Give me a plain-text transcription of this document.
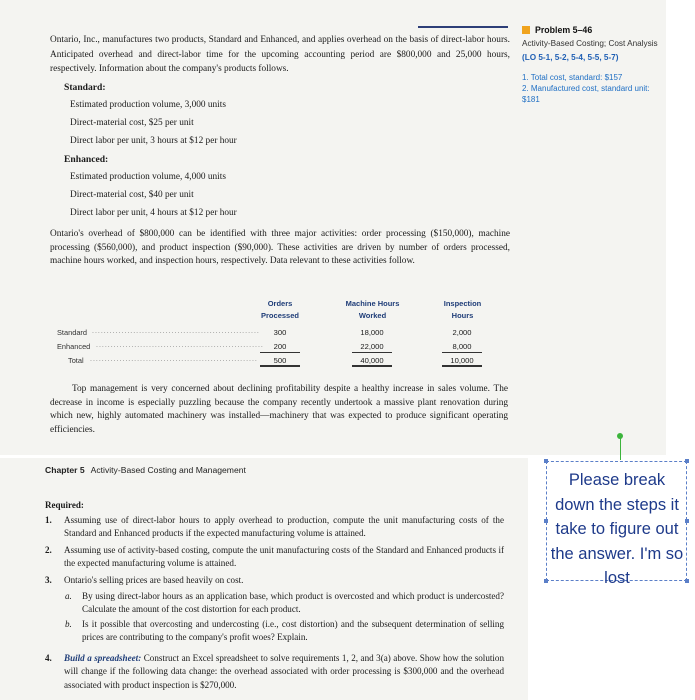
Ontario, Inc., manufactures two products, Standard and Enhanced, and applies overhead on the basis of direct-labor hours. Anticipated overhead and direct-labor time for the upcoming accounting period are $800,000 and 25,000 hours, respectively. Information about the company's products follows.

Standard:
Estimated production volume, 3,000 units
Direct-material cost, $25 per unit
Direct labor per unit, 3 hours at $12 per hour
Enhanced:
Estimated production volume, 4,000 units
Direct-material cost, $40 per unit
Direct labor per unit, 4 hours at $12 per hour

Ontario's overhead of $800,000 can be identified with three major activities: order processing ($150,000), machine processing ($560,000), and product inspection ($90,000). These activities are driven by number of orders processed, machine hours worked, and inspection hours, respectively. Data relevant to these activities follow.

Orders
Processed
Machine Hours
Worked
Inspection
Hours
Standard .........................................................	300	18,000	2,000
Enhanced .........................................................	200	22,000	8,000
Total .........................................................	500	40,000	10,000

Top management is very concerned about declining profitability despite a healthy increase in sales volume. The decrease in income is especially puzzling because the company recently undertook a massive plant renovation during which new, highly automated machinery was installed—machinery that was expected to produce significant operating efficiencies.

Chapter 5 Activity-Based Costing and Management
Required:
1. Assuming use of direct-labor hours to apply overhead to production, compute the unit manufacturing costs of the Standard and Enhanced products if the expected manufacturing volume is attained.
2. Assuming use of activity-based costing, compute the unit manufacturing costs of the Standard and Enhanced products if the expected manufacturing volume is attained.
3. Ontario's selling prices are based heavily on cost.
a. By using direct-labor hours as an application base, which product is overcosted and which product is undercosted? Calculate the amount of the cost distortion for each product.
b. Is it possible that overcosting and undercosting (i.e., cost distortion) and the subsequent determination of selling prices are contributing to the company's profit woes? Explain.
4. Build a spreadsheet: Construct an Excel spreadsheet to solve requirements 1, 2, and 3(a) above. Show how the solution will change if the following data change: the overhead associated with order processing is $300,000 and the overhead associated with product inspection is $270,000.
Problem 5–46
Activity-Based Costing; Cost Analysis
(LO 5-1, 5-2, 5-4, 5-5, 5-7)
1. Total cost, standard: $157
2. Manufactured cost, standard unit: $181
Please break down the steps it take to figure out the answer. I'm so lost
